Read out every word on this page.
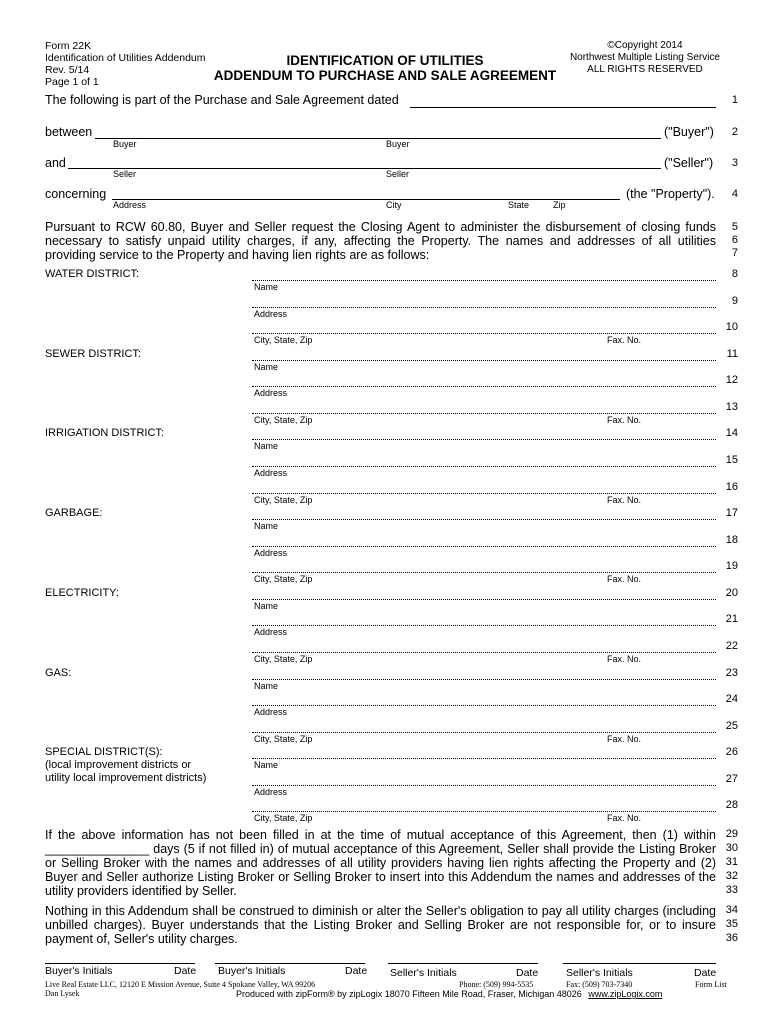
Form 22K
Identification of Utilities Addendum
Rev. 5/14
Page 1 of 1
IDENTIFICATION OF UTILITIES
ADDENDUM TO PURCHASE AND SALE AGREEMENT
©Copyright 2014
Northwest Multiple Listing Service
ALL RIGHTS RESERVED
The following is part of the Purchase and Sale Agreement dated	1
between	("Buyer")	2
Buyer	Buyer
and	("Seller")	3
Seller	Seller
concerning	(the "Property").	4
Address	City	State	Zip
Pursuant to RCW 60.80, Buyer and Seller request the Closing Agent to administer the disbursement of closing funds necessary to satisfy unpaid utility charges, if any, affecting the Property. The names and addresses of all utilities providing service to the Property and having lien rights are as follows:
5
6
7
WATER DISTRICT:
Name
8
Address
9
City, State, Zip	Fax. No.
10
SEWER DISTRICT:
Name
11
Address
12
City, State, Zip	Fax. No.
13
IRRIGATION DISTRICT:
Name
14
Address
15
City, State, Zip	Fax. No.
16
GARBAGE:
Name
17
Address
18
City, State, Zip	Fax. No.
19
ELECTRICITY:
Name
20
Address
21
City, State, Zip	Fax. No.
22
GAS:
Name
23
Address
24
City, State, Zip	Fax. No.
25
SPECIAL DISTRICT(S):
(local improvement districts or
utility local improvement districts)
Name
26
Address
27
City, State, Zip	Fax. No.
28
If the above information has not been filled in at the time of mutual acceptance of this Agreement, then (1) within _______________ days (5 if not filled in) of mutual acceptance of this Agreement, Seller shall provide the Listing Broker or Selling Broker with the names and addresses of all utility providers having lien rights affecting the Property and (2) Buyer and Seller authorize Listing Broker or Selling Broker to insert into this Addendum the names and addresses of the utility providers identified by Seller.
29
30
31
32
33
Nothing in this Addendum shall be construed to diminish or alter the Seller's obligation to pay all utility charges (including unbilled charges). Buyer understands that the Listing Broker and Selling Broker are not responsible for, or to insure payment of, Seller's utility charges.
34
35
36
Buyer's Initials	Date Buyer's Initials	Date Seller's Initials	Date	Seller's Initials	Date
Live Real Estate LLC, 12120 E Mission Avenue, Suite 4 Spokane Valley, WA 99206
Dan Lysek
Phone: (509) 994-5535	Fax: (509) 703-7340	Form List
Produced with zipForm® by zipLogix 18070 Fifteen Mile Road, Fraser, Michigan 48026 www.zipLogix.com
